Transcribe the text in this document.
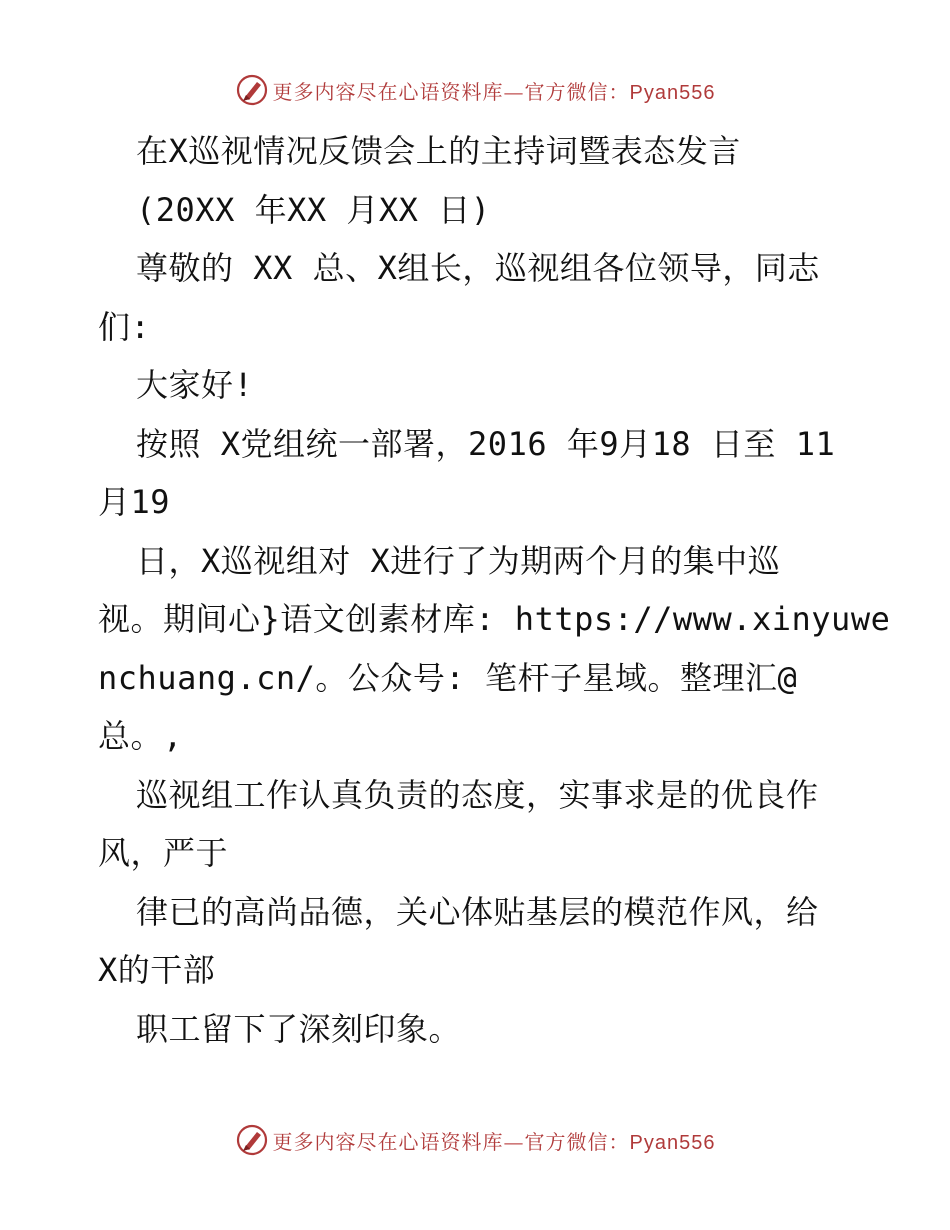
更多内容尽在心语资料库—官方微信：Pyan556
在X巡视情况反馈会上的主持词暨表态发言
(20XX 年XX 月XX 日)
尊敬的 XX 总、X组长，巡视组各位领导，同志
们:
大家好!
按照 X党组统一部署，2016 年9月18 日至 11
月19
日，X巡视组对 X进行了为期两个月的集中巡
视。期间心}语文创素材库: https://www.xinyuwe
nchuang.cn/。公众号: 笔杆子星域。整理汇@
总。,
巡视组工作认真负责的态度，实事求是的优良作
风，严于
律已的高尚品德，关心体贴基层的模范作风，给
X的干部
职工留下了深刻印象。
更多内容尽在心语资料库—官方微信：Pyan556
